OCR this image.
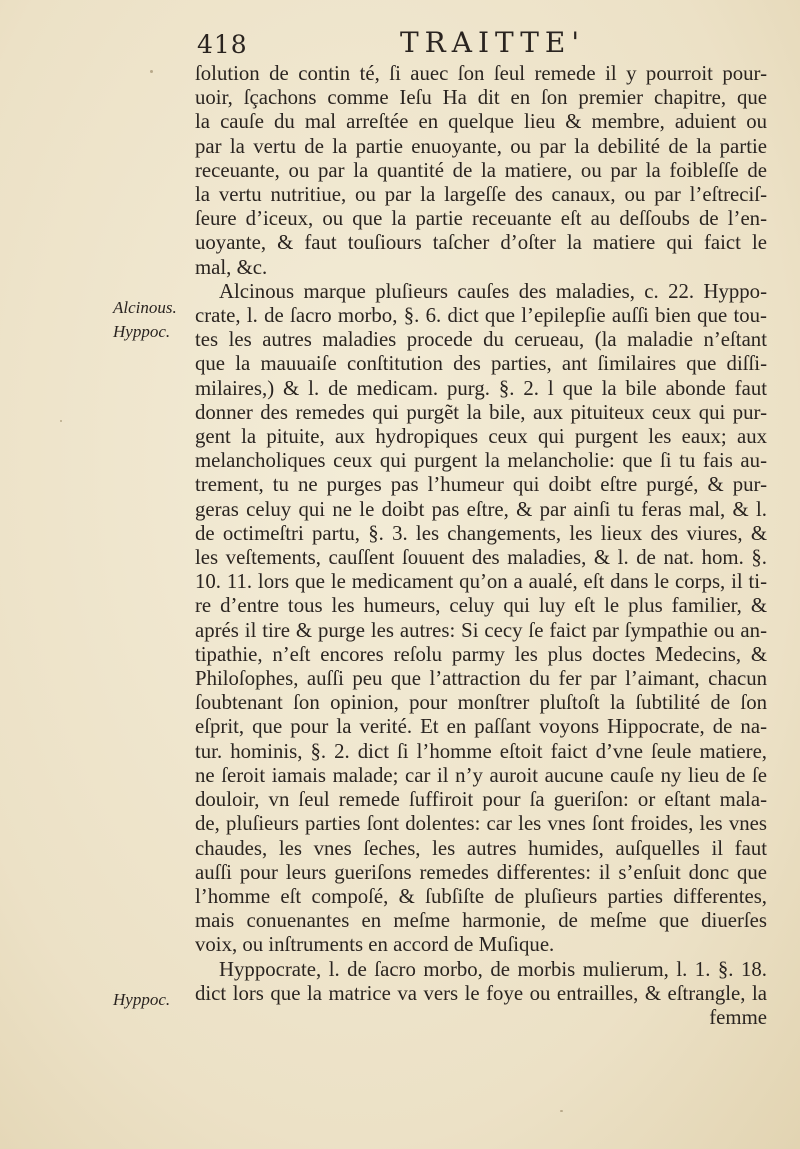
418	TRAITTE'
Alcinous.
Hyppoc.
Hyppoc.
ſolution de contin té, ſi auec ſon ſeul remede il y pourroit pour-
uoir, ſçachons comme Ieſu Ha dit en ſon premier chapitre, que
la cauſe du mal arreſtée en quelque lieu & membre, aduient ou
par la vertu de la partie enuoyante, ou par la debilité de la partie
receuante, ou par la quantité de la matiere, ou par la foibleſſe de
la vertu nutritiue, ou par la largeſſe des canaux, ou par l’eſtreciſ-
ſeure d’iceux, ou que la partie receuante eſt au deſſoubs de l’en-
uoyante, & faut touſiours taſcher d’oſter la matiere qui faict le
mal, &c.
Alcinous marque pluſieurs cauſes des maladies, c. 22. Hyppo-
crate, l. de ſacro morbo, §. 6. dict que l’epilepſie auſſi bien que tou-
tes les autres maladies procede du cerueau, (la maladie n’eſtant
que la mauuaiſe conſtitution des parties, ant ſimilaires que diſſi-
milaires,) & l. de medicam. purg. §. 2. l que la bile abonde faut
donner des remedes qui purgẽt la bile, aux pituiteux ceux qui pur-
gent la pituite, aux hydropiques ceux qui purgent les eaux; aux
melancholiques ceux qui purgent la melancholie: que ſi tu fais au-
trement, tu ne purges pas l’humeur qui doibt eſtre purgé, & pur-
geras celuy qui ne le doibt pas eſtre, & par ainſi tu feras mal, & l.
de octimeſtri partu, §. 3. les changements, les lieux des viures, &
les veſtements, cauſſent ſouuent des maladies, & l. de nat. hom. §.
10. 11. lors que le medicament qu’on a aualé, eſt dans le corps, il ti-
re d’entre tous les humeurs, celuy qui luy eſt le plus familier, &
aprés il tire & purge les autres: Si cecy ſe faict par ſympathie ou an-
tipathie, n’eſt encores reſolu parmy les plus doctes Medecins, &
Philoſophes, auſſi peu que l’attraction du fer par l’aimant, chacun
ſoubtenant ſon opinion, pour monſtrer pluſtoſt la ſubtilité de ſon
eſprit, que pour la verité. Et en paſſant voyons Hippocrate, de na-
tur. hominis, §. 2. dict ſi l’homme eſtoit faict d’vne ſeule matiere,
ne ſeroit iamais malade; car il n’y auroit aucune cauſe ny lieu de ſe
douloir, vn ſeul remede ſuffiroit pour ſa gueriſon: or eſtant mala-
de, pluſieurs parties ſont dolentes: car les vnes ſont froides, les vnes
chaudes, les vnes ſeches, les autres humides, auſquelles il faut
auſſi pour leurs gueriſons remedes differentes: il s’enſuit donc que
l’homme eſt compoſé, & ſubſiſte de pluſieurs parties differentes,
mais conuenantes en meſme harmonie, de meſme que diuerſes
voix, ou inſtruments en accord de Muſique.
Hyppocrate, l. de ſacro morbo, de morbis mulierum, l. 1. §. 18.
dict lors que la matrice va vers le foye ou entrailles, & eſtrangle, la
femme
